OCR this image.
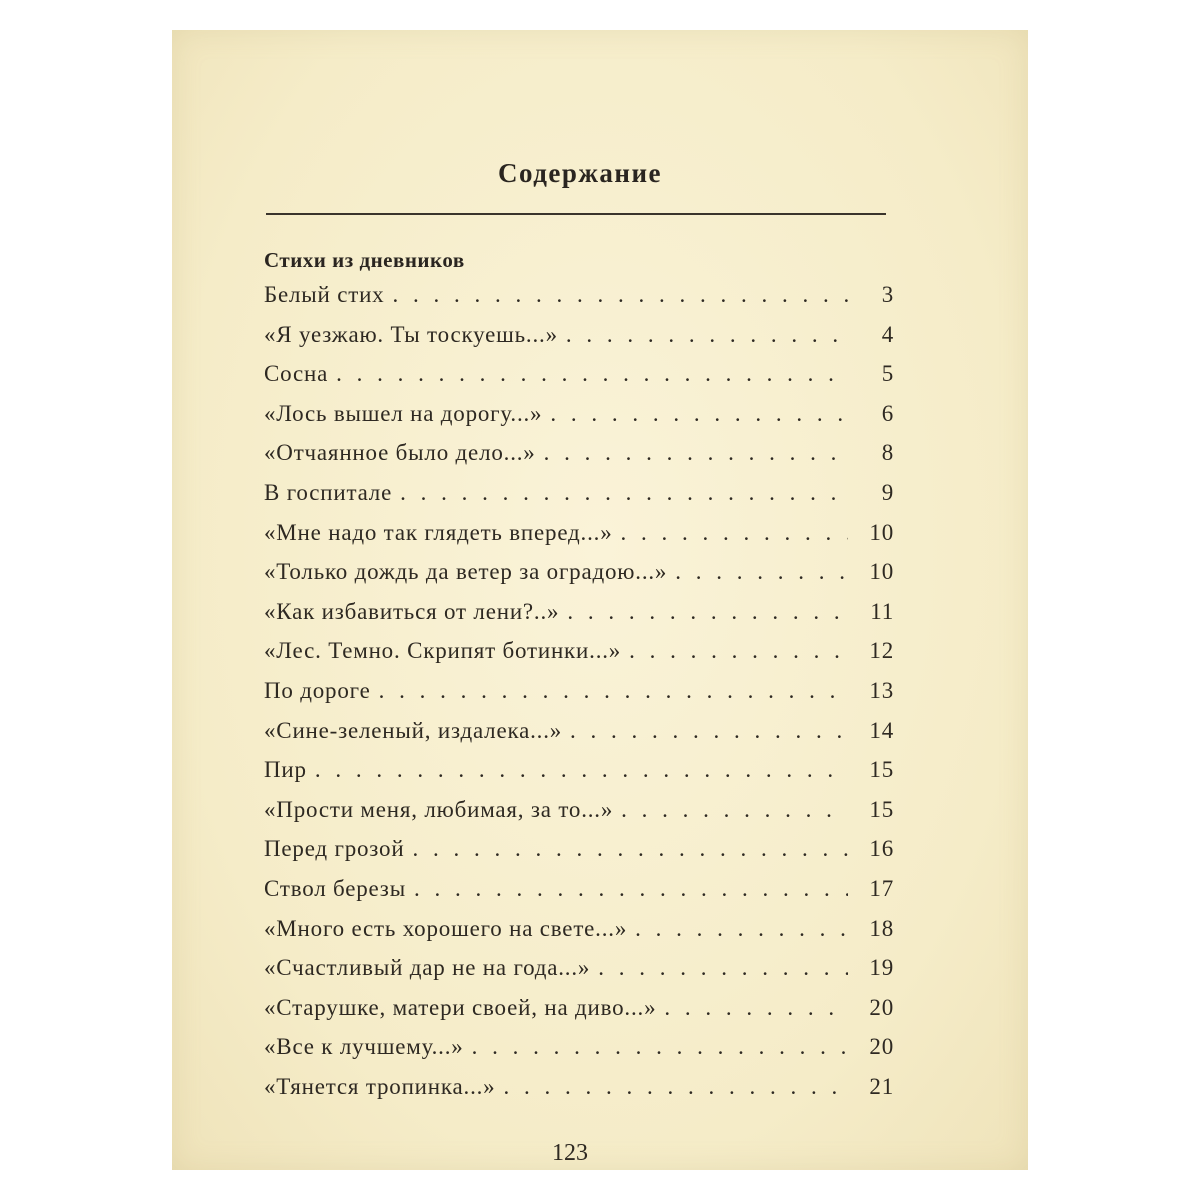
Содержание
Стихи из дневников
Белый стих . . .	3
«Я уезжаю. Ты тоскуешь...» . . .	4
Сосна . . .	5
«Лось вышел на дорогу...» . . .	6
«Отчаянное было дело...» . . .	8
В госпитале . . .	9
«Мне надо так глядеть вперед...» . . .	10
«Только дождь да ветер за оградою...» . . .	10
«Как избавиться от лени?..» . . .	11
«Лес. Темно. Скрипят ботинки...» . . .	12
По дороге . . .	13
«Сине-зеленый, издалека...» . . .	14
Пир . . .	15
«Прости меня, любимая, за то...» . . .	15
Перед грозой . . .	16
Ствол березы . . .	17
«Много есть хорошего на свете...» . . .	18
«Счастливый дар не на года...» . . .	19
«Старушке, матери своей, на диво...» . . .	20
«Все к лучшему...» . . .	20
«Тянется тропинка...» . . .	21
123
